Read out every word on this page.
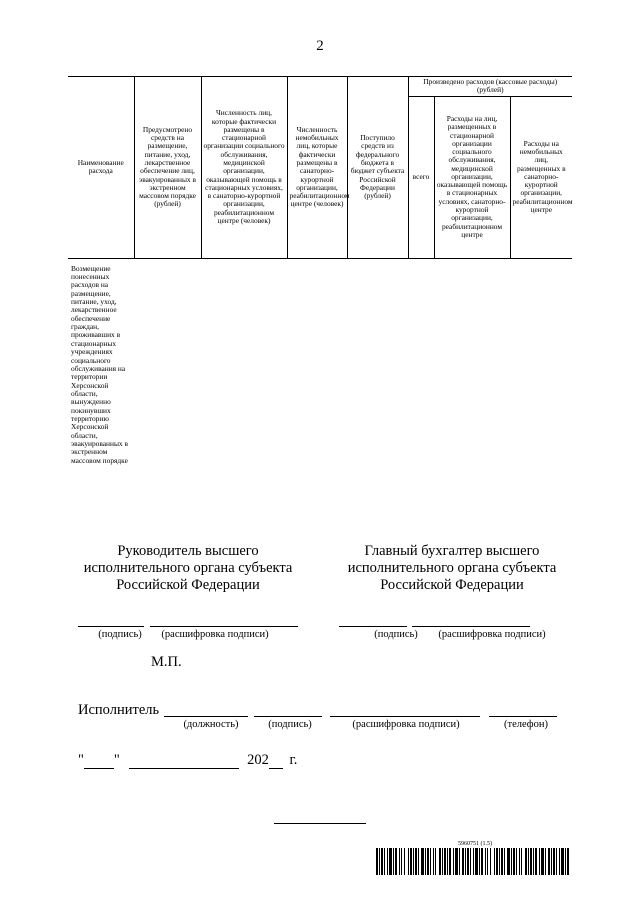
2
Наименование расхода	Предусмотрено средств на размещение, питание, уход, лекарственное обеспечение лиц, эвакуированных в экстренном массовом порядке (рублей)	Численность лиц, которые фактически размещены в стационарной организации социального обслуживания, медицинской организации, оказывающей помощь в стационарных условиях, в санаторно-курортной организации, реабилитационном центре (человек)	Численность немобильных лиц, которые фактически размещены в санаторно-курортной организации, реабилитационном центре (человек)	Поступило средств из федерального бюджета в бюджет субъекта Российской Федерации (рублей)	Произведено расходов (кассовые расходы) (рублей)		
					всего	Расходы на лиц, размещенных в стационарной организации социального обслуживания, медицинской организации, оказывающей помощь в стационарных условиях, санаторно-курортной организации, реабилитационном центре	Расходы на немобильных лиц, размещенных в санаторно-курортной организации, реабилитационном центре
Возмещение понесенных расходов на размещение, питание, уход, лекарственное обеспечение граждан, проживавших в стационарных учреждениях социального обслуживания на территории Херсонской области, вынужденно покинувших территорию Херсонской области, эвакуированных в экстренном массовом порядке							
Руководитель высшего исполнительного органа субъекта Российской Федерации
Главный бухгалтер высшего исполнительного органа субъекта Российской Федерации
(подпись)	(расшифровка подписи)	(подпись)	(расшифровка подписи)
М.П.
Исполнитель
(должность)	(подпись)	(расшифровка подписи)	(телефон)
" "	202 г.
5960751 (1.5)
